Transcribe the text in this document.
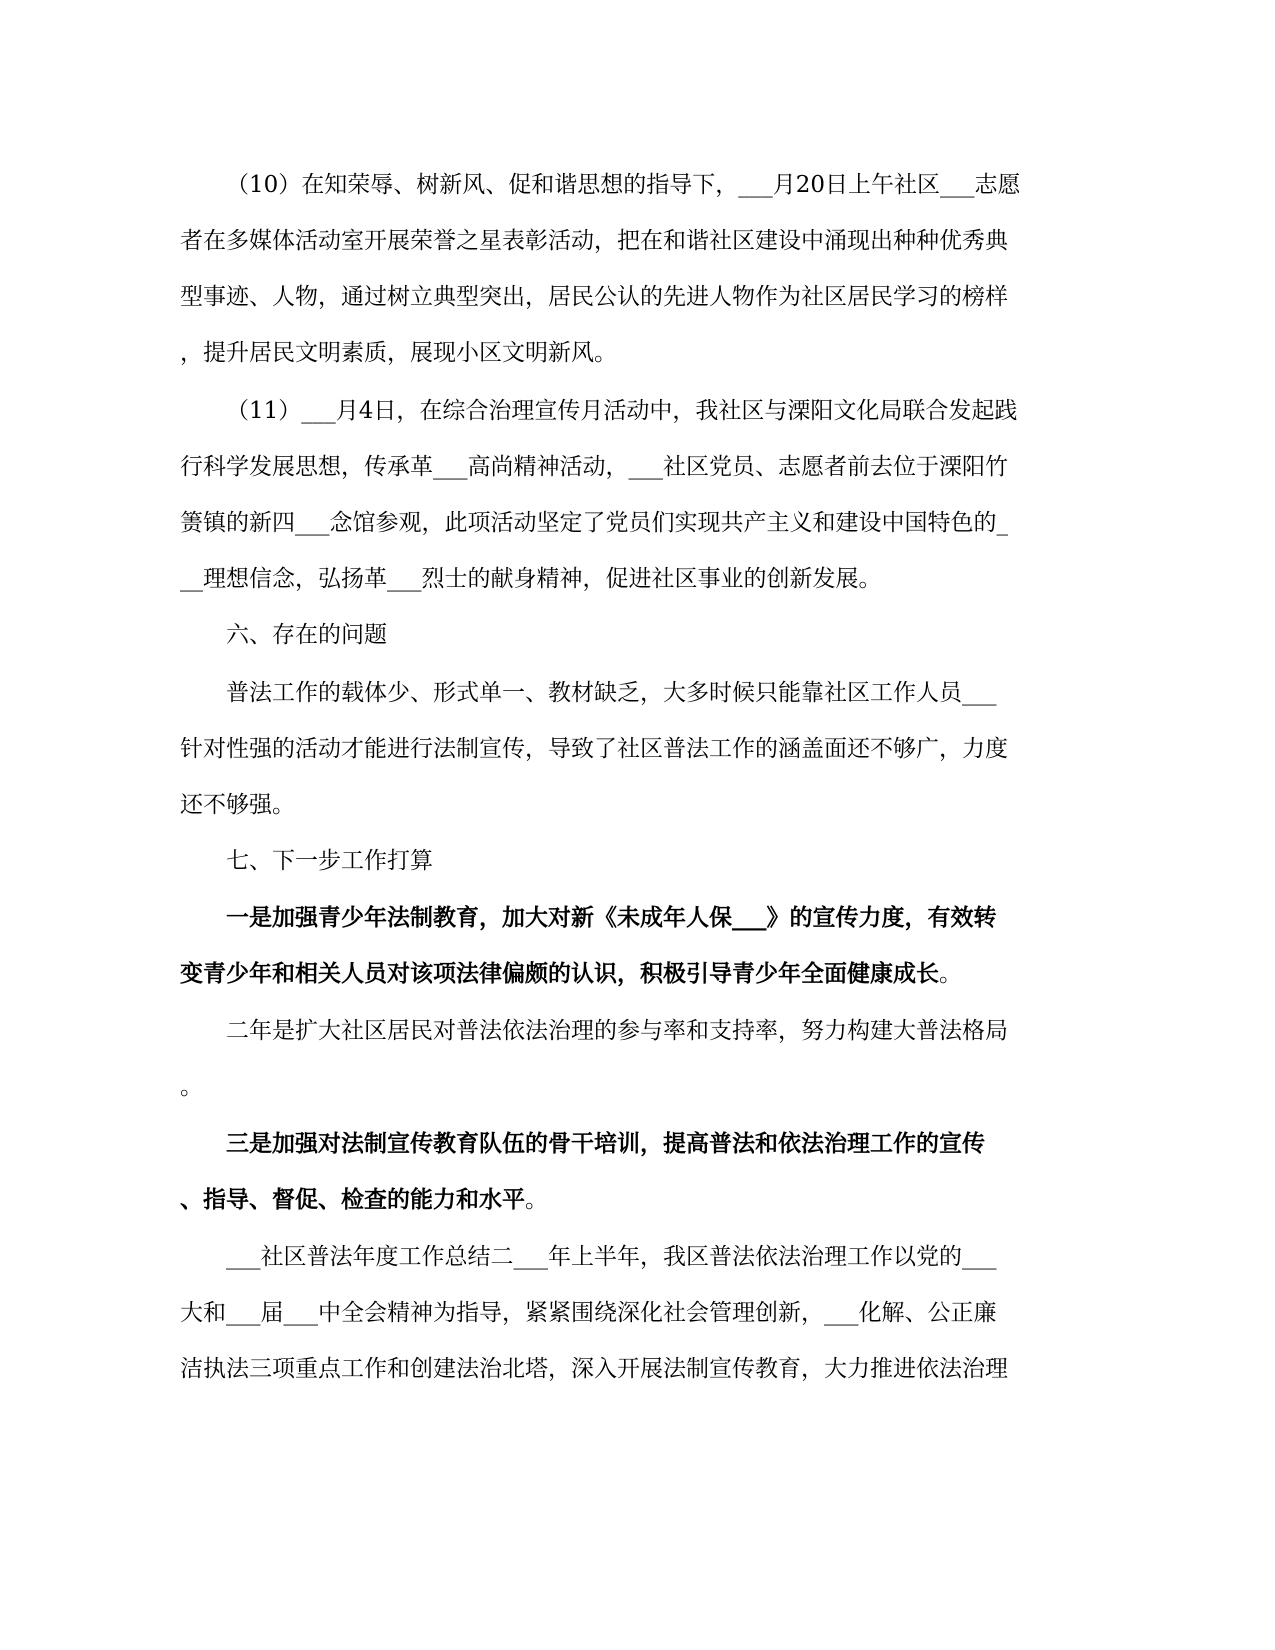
（10）在知荣辱、树新风、促和谐思想的指导下，___月20日上午社区___志愿
者在多媒体活动室开展荣誉之星表彰活动，把在和谐社区建设中涌现出种种优秀典
型事迹、人物，通过树立典型突出，居民公认的先进人物作为社区居民学习的榜样
，提升居民文明素质，展现小区文明新风。
（11）___月4日，在综合治理宣传月活动中，我社区与溧阳文化局联合发起践
行科学发展思想，传承革___高尚精神活动，___社区党员、志愿者前去位于溧阳竹
箦镇的新四___念馆参观，此项活动坚定了党员们实现共产主义和建设中国特色的_
__理想信念，弘扬革___烈士的献身精神，促进社区事业的创新发展。
六、存在的问题
普法工作的载体少、形式单一、教材缺乏，大多时候只能靠社区工作人员___
针对性强的活动才能进行法制宣传，导致了社区普法工作的涵盖面还不够广，力度
还不够强。
七、下一步工作打算
一是加强青少年法制教育，加大对新《未成年人保___》的宣传力度，有效转
变青少年和相关人员对该项法律偏颇的认识，积极引导青少年全面健康成长。
二年是扩大社区居民对普法依法治理的参与率和支持率，努力构建大普法格局
。
三是加强对法制宣传教育队伍的骨干培训，提高普法和依法治理工作的宣传
、指导、督促、检查的能力和水平。
___社区普法年度工作总结二___年上半年，我区普法依法治理工作以党的___
大和___届___中全会精神为指导，紧紧围绕深化社会管理创新，___化解、公正廉
洁执法三项重点工作和创建法治北塔，深入开展法制宣传教育，大力推进依法治理
